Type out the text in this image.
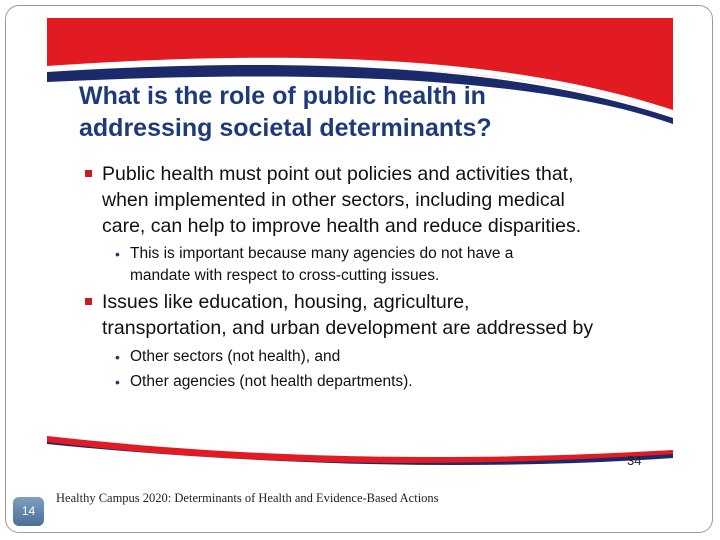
What is the role of public health in
addressing societal determinants?
Public health must point out policies and activities that,
when implemented in other sectors, including medical
care, can help to improve health and reduce disparities.
• This is important because many agencies do not have a
mandate with respect to cross-cutting issues.
Issues like education, housing, agriculture,
transportation, and urban development are addressed by
• Other sectors (not health), and
• Other agencies (not health departments).
34
14
Healthy Campus 2020: Determinants of Health and Evidence-Based Actions
